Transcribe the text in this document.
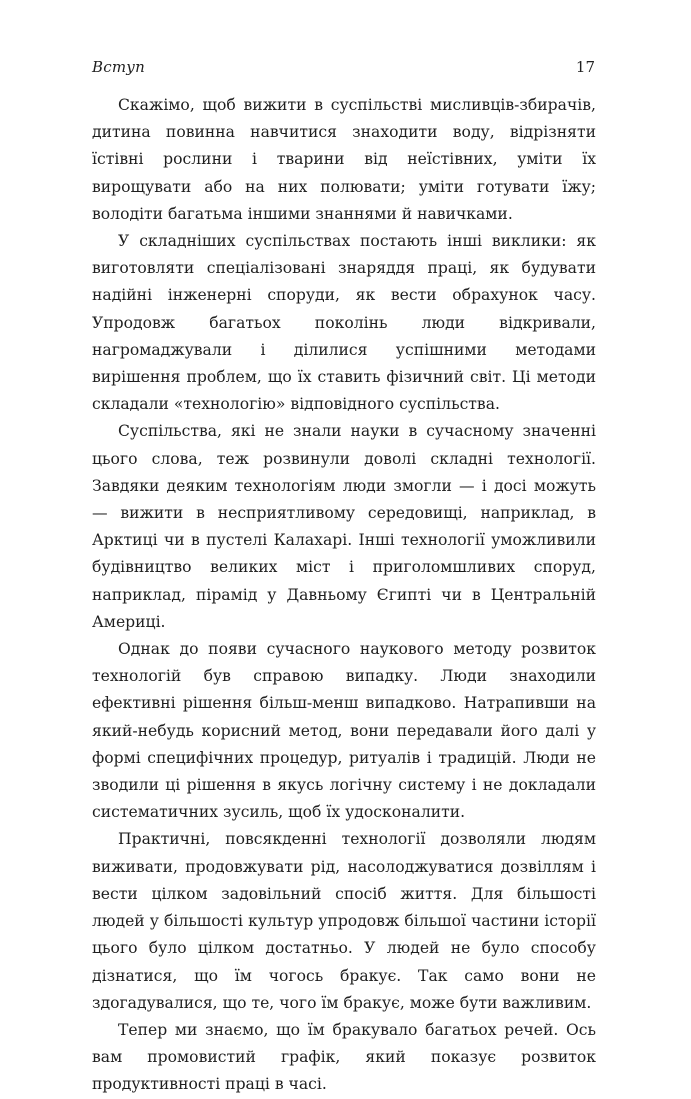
Вступ	17

Скажімо, щоб вижити в суспільстві мисливців-збирачів, дитина повинна навчитися знаходити воду, відрізняти їстівні рослини і тварини від неїстівних, уміти їх вирощувати або на них полювати; уміти готувати їжу; володіти багатьма іншими знаннями й навичками.

У складніших суспільствах постають інші виклики: як виготовляти спеціалізовані знаряддя праці, як будувати надійні інженерні споруди, як вести обрахунок часу. Упродовж багатьох поколінь люди відкривали, нагромаджували і ділилися успішними методами вирішення проблем, що їх ставить фізичний світ. Ці методи складали «технологію» відповідного суспільства.

Суспільства, які не знали науки в сучасному значенні цього слова, теж розвинули доволі складні технології. Завдяки деяким технологіям люди змогли — і досі можуть — вижити в несприятливому середовищі, наприклад, в Арктиці чи в пустелі Калахарі. Інші технології уможливили будівництво великих міст і приголомшливих споруд, наприклад, пірамід у Давньому Єгипті чи в Центральній Америці.

Однак до появи сучасного наукового методу розвиток технологій був справою випадку. Люди знаходили ефективні рішення більш-менш випадково. Натрапивши на який-небудь корисний метод, вони передавали його далі у формі специфічних процедур, ритуалів і традицій. Люди не зводили ці рішення в якусь логічну систему і не докладали систематичних зусиль, щоб їх удосконалити.

Практичні, повсякденні технології дозволяли людям виживати, продовжувати рід, насолоджуватися дозвіллям і вести цілком задовільний спосіб життя. Для більшості людей у більшості культур упродовж більшої частини історії цього було цілком достатньо. У людей не було способу дізнатися, що їм чогось бракує. Так само вони не здогадувалися, що те, чого їм бракує, може бути важливим.

Тепер ми знаємо, що їм бракувало багатьох речей. Ось вам промовистий графік, який показує розвиток продуктивності праці в часі.
